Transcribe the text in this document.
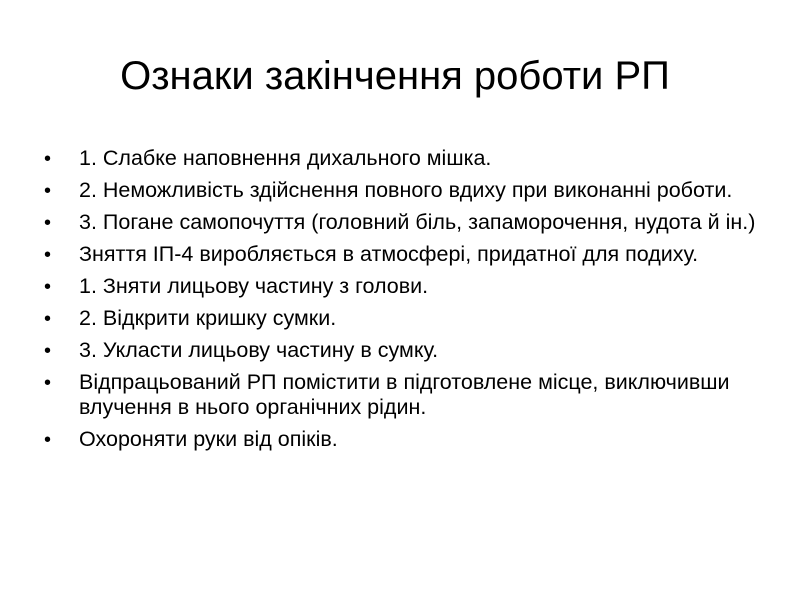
Ознаки закінчення роботи РП
• 1. Слабке наповнення дихального мішка.
• 2. Неможливість здійснення повного вдиху при виконанні роботи.
• 3. Погане самопочуття (головний біль, запаморочення, нудота й ін.)
• Зняття ІП-4 виробляється в атмосфері, придатної для подиху.
• 1. Зняти лицьову частину з голови.
• 2. Відкрити кришку сумки.
• 3. Укласти лицьову частину в сумку.
• Відпрацьований РП помістити в підготовлене місце, виключивши влучення в нього органічних рідин.
• Охороняти руки від опіків.
